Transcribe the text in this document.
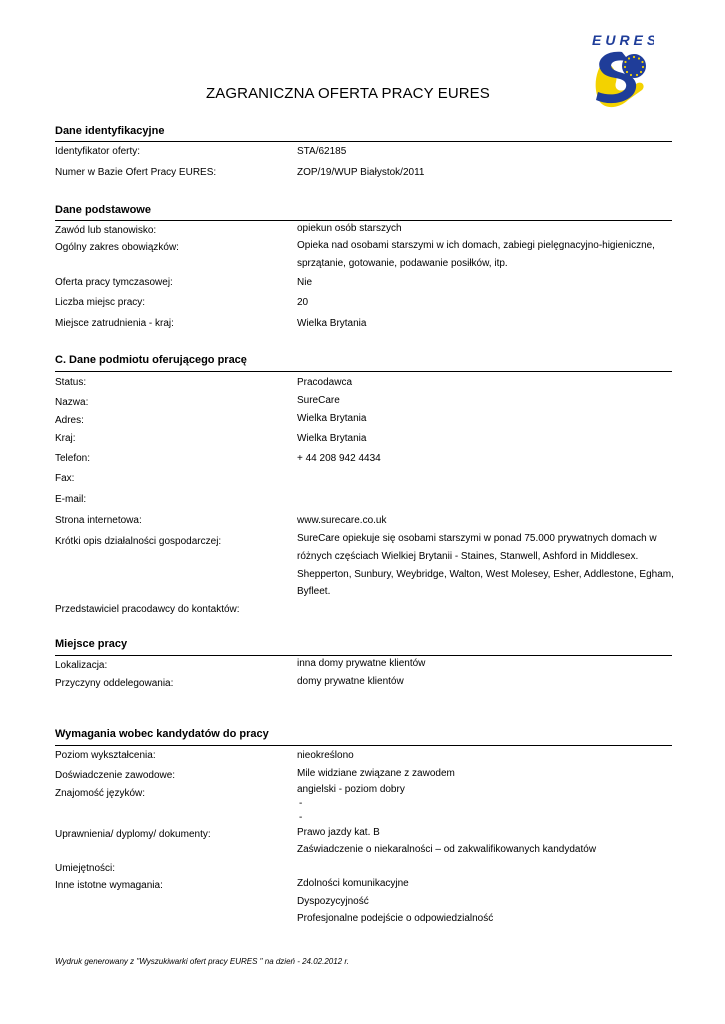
EURES
ZAGRANICZNA OFERTA PRACY EURES
Dane identyfikacyjne
Identyfikator oferty:	STA/62185
Numer w Bazie Ofert Pracy EURES:	ZOP/19/WUP Białystok/2011
Dane podstawowe
Zawód lub stanowisko:	opiekun osób starszych
Ogólny zakres obowiązków:	Opieka nad osobami starszymi w ich domach, zabiegi pielęgnacyjno-higieniczne,
sprzątanie, gotowanie, podawanie posiłków, itp.
Oferta pracy tymczasowej:	Nie
Liczba miejsc pracy:	20
Miejsce zatrudnienia - kraj:	Wielka Brytania
C. Dane podmiotu oferującego pracę
Status:	Pracodawca
Nazwa:	SureCare
Adres:	Wielka Brytania
Kraj:	Wielka Brytania
Telefon:	+ 44 208 942 4434
Fax:
E-mail:
Strona internetowa:	www.surecare.co.uk
Krótki opis działalności gospodarczej:	SureCare opiekuje się osobami starszymi w ponad 75.000 prywatnych domach w
różnych częściach Wielkiej Brytanii - Staines, Stanwell, Ashford in Middlesex.
Shepperton, Sunbury, Weybridge, Walton, West Molesey, Esher, Addlestone, Egham,
Byfleet.
Przedstawiciel pracodawcy do kontaktów:
Miejsce pracy
Lokalizacja:	inna domy prywatne klientów
Przyczyny oddelegowania:	domy prywatne klientów
Wymagania wobec kandydatów do pracy
Poziom wykształcenia:	nieokreślono
Doświadczenie zawodowe:	Mile widziane związane z zawodem
Znajomość języków:	angielski - poziom dobry
-
-
Uprawnienia/ dyplomy/ dokumenty:	Prawo jazdy kat. B
Zaświadczenie o niekaralności – od zakwalifikowanych kandydatów
Umiejętności:
Inne istotne wymagania:	Zdolności komunikacyjne
Dyspozycyjność
Profesjonalne podejście o odpowiedzialność
Wydruk generowany z "Wyszukiwarki ofert pracy EURES " na dzień - 24.02.2012 r.
